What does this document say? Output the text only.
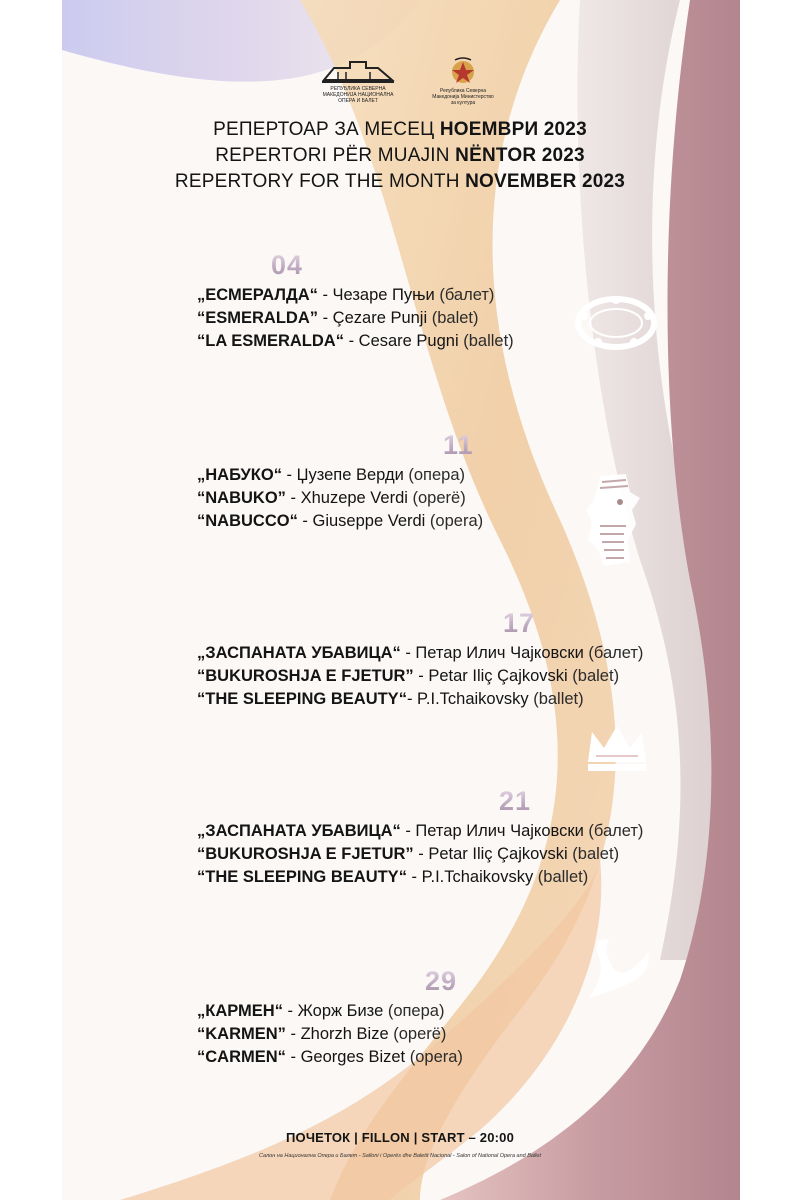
РЕПУБЛИКА СЕВЕРНА МАКЕДОНИЈА НАЦИОНАЛНА ОПЕРА И БАЛЕТ
Република Северна Македонија Министерство за култура
РЕПЕРТОАР ЗА МЕСЕЦ НОЕМВРИ 2023
REPERTORI PËR MUAJIN NËNTOR 2023
REPERTORY FOR THE MONTH NOVEMBER 2023
04
„ЕСМЕРАЛДА“ - Чезаре Пуњи (балет)
“ESMERALDA” - Çezare Punji (balet)
“LA ESMERALDA“ - Cesare Pugni (ballet)
11
„НАБУКО“ - Џузепе Верди (опера)
“NABUKO” - Xhuzepe Verdi (operë)
“NABUCCO“ - Giuseppe Verdi (opera)
17
„ЗАСПАНАТА УБАВИЦА“ - Петар Илич Чајковски (балет)
“BUKUROSHJA E FJETUR” - Petar Iliç Çajkovski (balet)
“THE SLEEPING BEAUTY“- P.I.Tchaikovsky (ballet)
21
„ЗАСПАНАТА УБАВИЦА“ - Петар Илич Чајковски (балет)
“BUKUROSHJA E FJETUR” - Petar Iliç Çajkovski (balet)
“THE SLEEPING BEAUTY“ - P.I.Tchaikovsky (ballet)
29
„КАРМЕН“ - Жорж Бизе (опера)
“KARMEN” - Zhorzh Bize (operë)
“CARMEN“ - Georges Bizet (opera)
ПОЧЕТОК | FILLON | START – 20:00
Салон на Национална Опера и Балет - Salloni i Operës dhe Baletit Nacional - Salon of National Opera and Ballet
